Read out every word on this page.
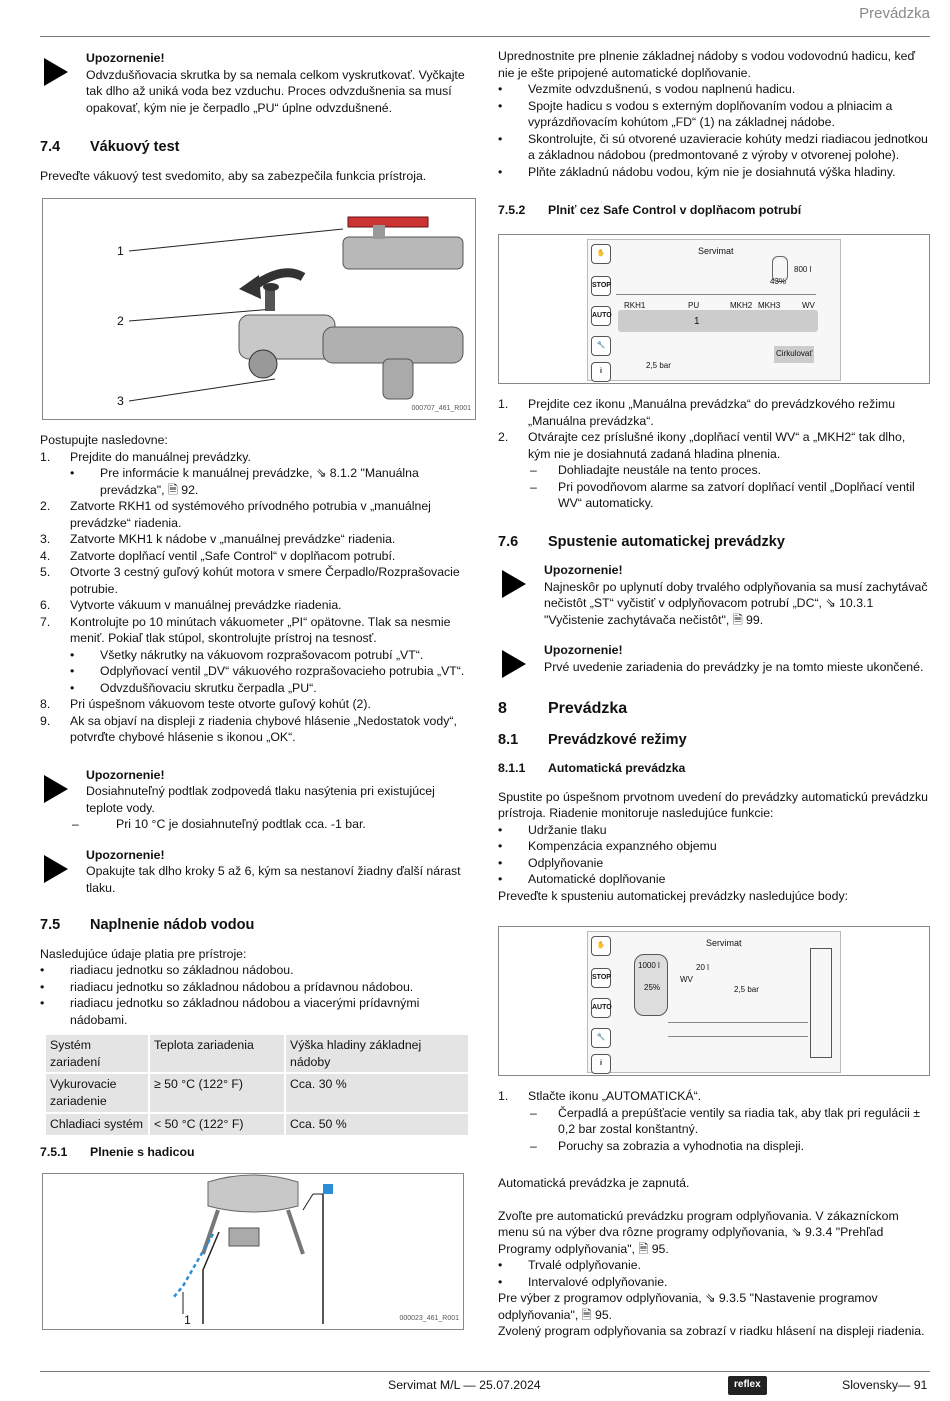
Prevádzka
Upozornenie!
Odvzdušňovacia skrutka by sa nemala celkom vyskrutkovať. Vyčkajte tak dlho až uniká voda bez vzduchu. Proces odvzdušnenia sa musí opakovať, kým nie je čerpadlo „PU“ úplne odvzdušnené.
7.4	Vákuový test
Preveďte vákuový test svedomito, aby sa zabezpečila funkcia prístroja.
1
2
3	000707_461_R001
Postupujte nasledovne:
1. Prejdite do manuálnej prevádzky.
• Pre informácie k manuálnej prevádzke, ⇘ 8.1.2 "Manuálna prevádzka", 🗎 92.
2. Zatvorte RKH1 od systémového prívodného potrubia v „manuálnej prevádzke“ riadenia.
3. Zatvorte MKH1 k nádobe v „manuálnej prevádzke“ riadenia.
4. Zatvorte doplňací ventil „Safe Control“ v doplňacom potrubí.
5. Otvorte 3 cestný guľový kohút motora v smere Čerpadlo/Rozprašovacie potrubie.
6. Vytvorte vákuum v manuálnej prevádzke riadenia.
7. Kontrolujte po 10 minútach vákuometer „PI“ opätovne. Tlak sa nesmie meniť. Pokiaľ tlak stúpol, skontrolujte prístroj na tesnosť.
• Všetky nákrutky na vákuovom rozprašovacom potrubí „VT“.
• Odplyňovací ventil „DV“ vákuového rozprašovacieho potrubia „VT“.
• Odvzdušňovaciu skrutku čerpadla „PU“.
8. Pri úspešnom vákuovom teste otvorte guľový kohút (2).
9. Ak sa objaví na displeji z riadenia chybové hlásenie „Nedostatok vody“, potvrďte chybové hlásenie s ikonou „OK“.
Upozornenie!
Dosiahnuteľný podtlak zodpovedá tlaku nasýtenia pri existujúcej teplote vody.
– Pri 10 °C je dosiahnuteľný podtlak cca. -1 bar.
Upozornenie!
Opakujte tak dlho kroky 5 až 6, kým sa nestanoví žiadny ďalší nárast tlaku.
7.5	Naplnenie nádob vodou
Nasledujúce údaje platia pre prístroje:
• riadiacu jednotku so základnou nádobou.
• riadiacu jednotku so základnou nádobou a prídavnou nádobou.
• riadiacu jednotku so základnou nádobou a viacerými prídavnými nádobami.
Systém zariadení	Teplota zariadenia	Výška hladiny základnej nádoby
Vykurovacie zariadenie	≥ 50 °C (122° F)	Cca. 30 %
Chladiaci systém	< 50 °C (122° F)	Cca. 50 %
7.5.1	Plnenie s hadicou
1	000023_461_R001
Uprednostnite pre plnenie základnej nádoby s vodou vodovodnú hadicu, keď nie je ešte pripojené automatické doplňovanie.
• Vezmite odvzdušnenú, s vodou naplnenú hadicu.
• Spojte hadicu s vodou s externým doplňovaním vodou a plniacim a vyprázdňovacím kohútom „FD“ (1) na základnej nádobe.
• Skontrolujte, či sú otvorené uzavieracie kohúty medzi riadiacou jednotkou a základnou nádobou (predmontované z výroby v otvorenej polohe).
• Plňte základnú nádobu vodou, kým nie je dosiahnutá výška hladiny.
7.5.2	Plniť cez Safe Control v doplňacom potrubí
Servimat
✋
STOP
AUTO
🔧
i
800 l
43%
RKH1	PU	MKH2 MKH3	WV
1
2,5 bar
Cirkulovať
1. Prejdite cez ikonu „Manuálna prevádzka“ do prevádzkového režimu „Manuálna prevádzka“.
2. Otvárajte cez príslušné ikony „doplňací ventil WV“ a „MKH2“ tak dlho, kým nie je dosiahnutá zadaná hladina plnenia.
– Dohliadajte neustále na tento proces.
– Pri povodňovom alarme sa zatvorí doplňací ventil „Doplňací ventil WV“ automaticky.
7.6	Spustenie automatickej prevádzky
Upozornenie!
Najneskôr po uplynutí doby trvalého odplyňovania sa musí zachytávač nečistôt „ST“ vyčistiť v odplyňovacom potrubí „DC“, ⇘ 10.3.1 "Vyčistenie zachytávača nečistôt", 🗎 99.
Upozornenie!
Prvé uvedenie zariadenia do prevádzky je na tomto mieste ukončené.
8	Prevádzka
8.1	Prevádzkové režimy
8.1.1	Automatická prevádzka
Spustite po úspešnom prvotnom uvedení do prevádzky automatickú prevádzku prístroja. Riadenie monitoruje nasledujúce funkcie:
• Udržanie tlaku
• Kompenzácia expanzného objemu
• Odplyňovanie
• Automatické doplňovanie
Preveďte k spusteniu automatickej prevádzky nasledujúce body:
Servimat
✋
STOP
AUTO
🔧
i
1000 l
25%
WV
20 l
2,5 bar
1. Stlačte ikonu „AUTOMATICKÁ“.
– Čerpadlá a prepúšťacie ventily sa riadia tak, aby tlak pri regulácii ± 0,2 bar zostal konštantný.
– Poruchy sa zobrazia a vyhodnotia na displeji.
Automatická prevádzka je zapnutá.
Zvoľte pre automatickú prevádzku program odplyňovania. V zákazníckom menu sú na výber dva rôzne programy odplyňovania, ⇘ 9.3.4 "Prehľad Programy odplyňovania", 🗎 95.
• Trvalé odplyňovanie.
• Intervalové odplyňovanie.
Pre výber z programov odplyňovania, ⇘ 9.3.5 "Nastavenie programov odplyňovania", 🗎 95.
Zvolený program odplyňovania sa zobrazí v riadku hlásení na displeji riadenia.
Servimat M/L — 25.07.2024	reflex	Slovensky — 91
